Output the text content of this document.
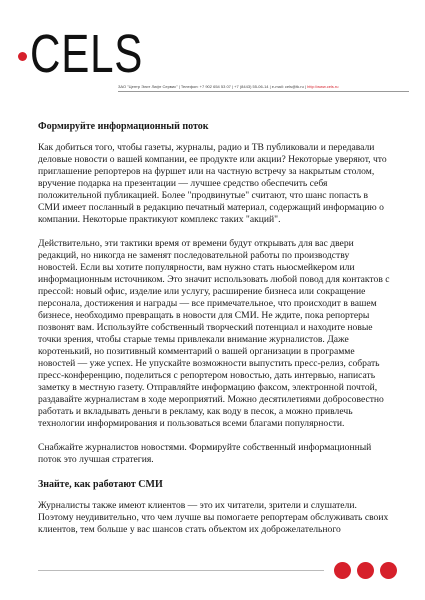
CELS
ЗАО "Центр Элит Лифт Сервис" | Телефон: +7 902 654 53 07 | +7 (8443) 55-06-14 | e-mail: cels@tk.ru | http://www.cels.ru
Формируйте информационный поток

Как добиться того, чтобы газеты, журналы, радио и ТВ публиковали и передавали деловые новости о вашей компании, ее продукте или акции? Некоторые уверяют, что приглашение репортеров на фуршет или на частную встречу за накрытым столом, вручение подарка на презентации — лучшее средство обеспечить себя положительной публикацией. Более "продвинутые" считают, что шанс попасть в СМИ имеет посланный в редакцию печатный материал, содержащий информацию о компании. Некоторые практикуют комплекс таких "акций".

Действительно, эти тактики время от времени будут открывать для вас двери редакций, но никогда не заменят последовательной работы по производству новостей. Если вы хотите популярности, вам нужно стать ньюсмейкером или информационным источником. Это значит использовать любой повод для контактов с прессой: новый офис, изделие или услугу, расширение бизнеса или сокращение персонала, достижения и награды — все примечательное, что происходит в вашем бизнесе, необходимо превращать в новости для СМИ. Не ждите, пока репортеры позвонят вам. Используйте собственный творческий потенциал и находите новые точки зрения, чтобы старые темы привлекали внимание журналистов. Даже коротенький, но позитивный комментарий о вашей организации в программе новостей — уже успех. Не упускайте возможности выпустить пресс-релиз, собрать пресс-конференцию, поделиться с репортером новостью, дать интервью, написать заметку в местную газету. Отправляйте информацию факсом, электронной почтой, раздавайте журналистам в ходе мероприятий. Можно десятилетиями добросовестно работать и вкладывать деньги в рекламу, как воду в песок, а можно привлечь технологии информирования и пользоваться всеми благами популярности.

Снабжайте журналистов новостями. Формируйте собственный информационный поток это лучшая стратегия.

Знайте, как работают СМИ

Журналисты также имеют клиентов — это их читатели, зрители и слушатели. Поэтому неудивительно, что чем лучше вы помогаете репортерам обслуживать своих клиентов, тем больше у вас шансов стать объектом их доброжелательного
